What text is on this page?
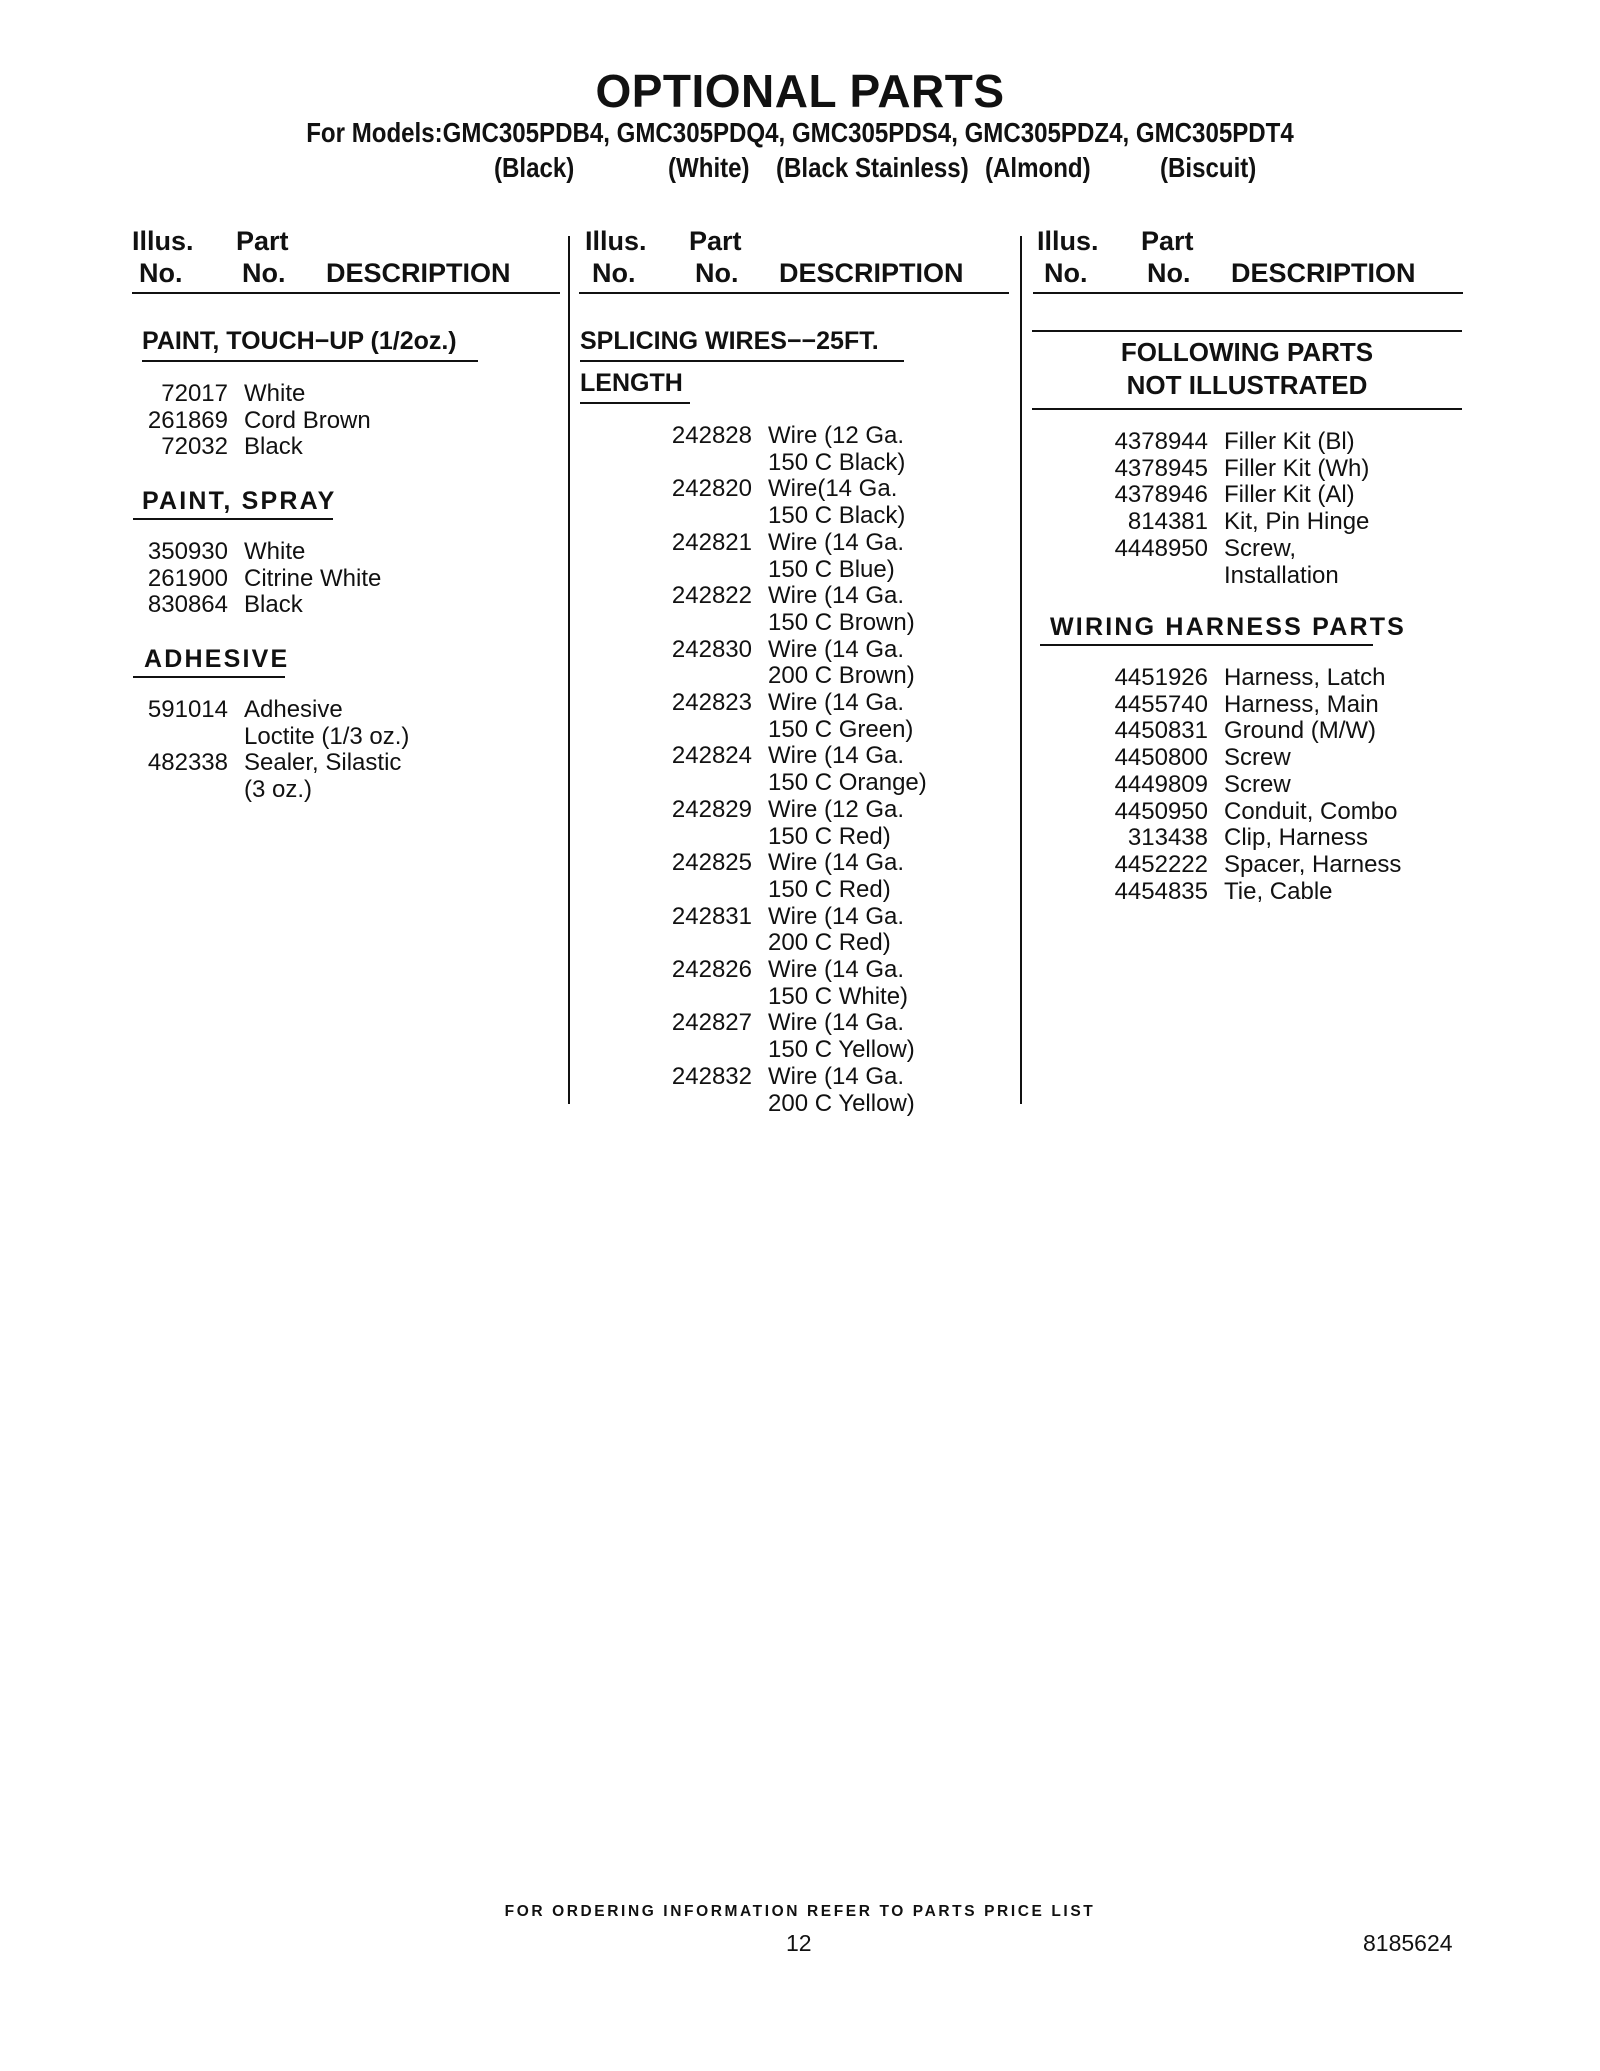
OPTIONAL PARTS
For Models:GMC305PDB4, GMC305PDQ4, GMC305PDS4, GMC305PDZ4, GMC305PDT4
(Black)	(White) (Black Stainless) (Almond) (Biscuit)
Illus.
No.
Part
No. DESCRIPTION
Illus.
No.
Part
No. DESCRIPTION
Illus.
No.
Part
No. DESCRIPTION
PAINT, TOUCH−UP (1/2oz.)
72017 White
261869 Cord Brown
72032 Black
PAINT, SPRAY
350930 White
261900 Citrine White
830864 Black
ADHESIVE
591014 Adhesive
Loctite (1/3 oz.)
482338 Sealer, Silastic
(3 oz.)
SPLICING WIRES−−25FT.
LENGTH
242828 Wire (12 Ga.
150 C Black)
242820 Wire(14 Ga.
150 C Black)
242821 Wire (14 Ga.
150 C Blue)
242822 Wire (14 Ga.
150 C Brown)
242830 Wire (14 Ga.
200 C Brown)
242823 Wire (14 Ga.
150 C Green)
242824 Wire (14 Ga.
150 C Orange)
242829 Wire (12 Ga.
150 C Red)
242825 Wire (14 Ga.
150 C Red)
242831 Wire (14 Ga.
200 C Red)
242826 Wire (14 Ga.
150 C White)
242827 Wire (14 Ga.
150 C Yellow)
242832 Wire (14 Ga.
200 C Yellow)
FOLLOWING PARTS
NOT ILLUSTRATED
4378944 Filler Kit (Bl)
4378945 Filler Kit (Wh)
4378946 Filler Kit (Al)
814381 Kit, Pin Hinge
4448950 Screw,
Installation
WIRING HARNESS PARTS
4451926 Harness, Latch
4455740 Harness, Main
4450831 Ground (M/W)
4450800 Screw
4449809 Screw
4450950 Conduit, Combo
313438 Clip, Harness
4452222 Spacer, Harness
4454835 Tie, Cable
FOR ORDERING INFORMATION REFER TO PARTS PRICE LIST
12	8185624
